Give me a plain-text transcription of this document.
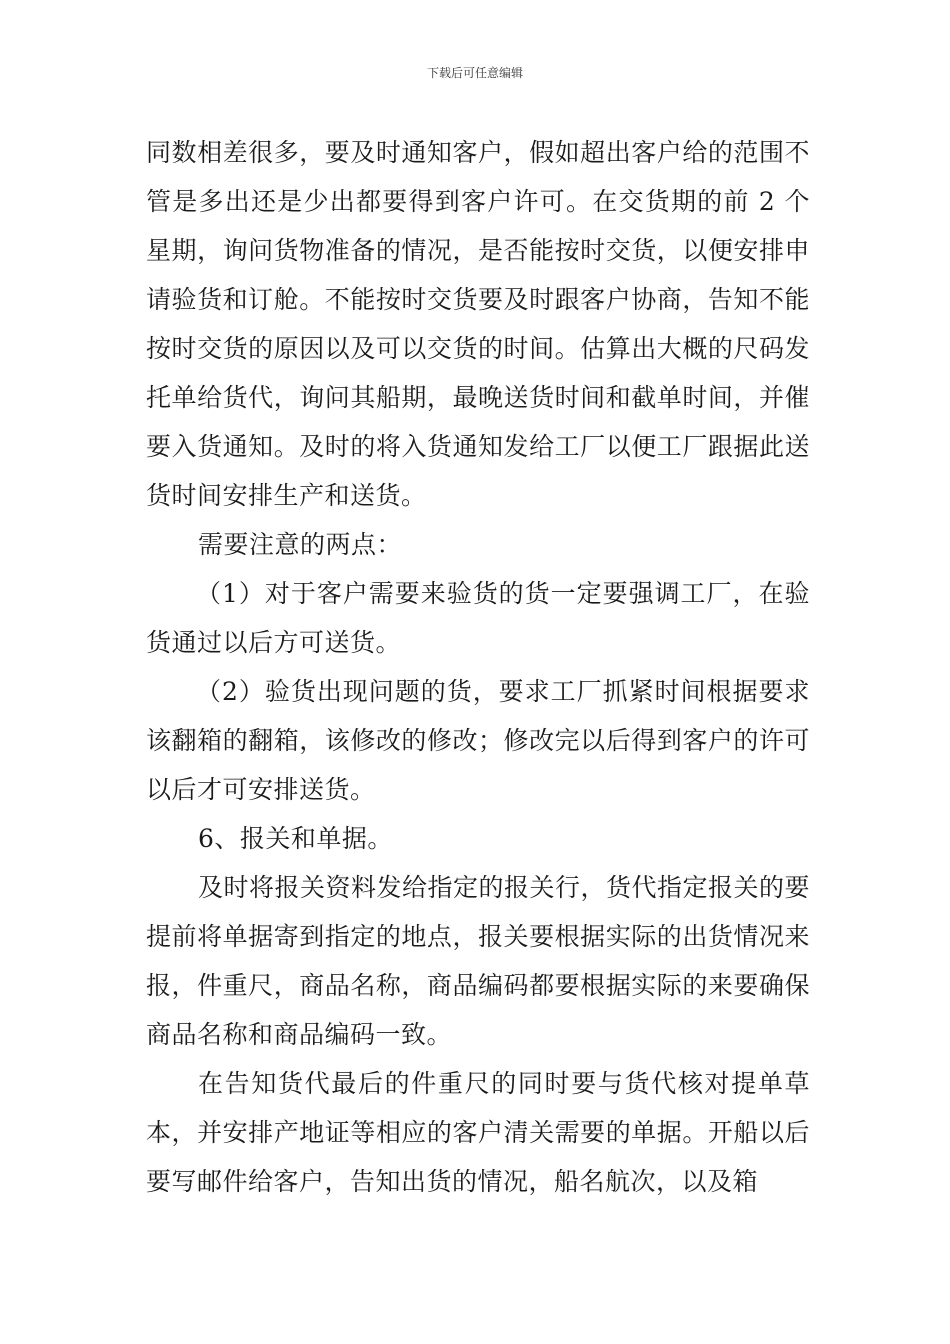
下载后可任意编辑

同数相差很多，要及时通知客户，假如超出客户给的范围不管是多出还是少出都要得到客户许可。在交货期的前 2 个星期，询问货物准备的情况，是否能按时交货，以便安排申请验货和订舱。不能按时交货要及时跟客户协商，告知不能按时交货的原因以及可以交货的时间。估算出大概的尺码发托单给货代，询问其船期，最晚送货时间和截单时间，并催要入货通知。及时的将入货通知发给工厂以便工厂跟据此送货时间安排生产和送货。

需要注意的两点：

（1）对于客户需要来验货的货一定要强调工厂，在验货通过以后方可送货。

（2）验货出现问题的货，要求工厂抓紧时间根据要求该翻箱的翻箱，该修改的修改；修改完以后得到客户的许可以后才可安排送货。

6、报关和单据。

及时将报关资料发给指定的报关行，货代指定报关的要提前将单据寄到指定的地点，报关要根据实际的出货情况来报，件重尺，商品名称，商品编码都要根据实际的来要确保商品名称和商品编码一致。

在告知货代最后的件重尺的同时要与货代核对提单草本，并安排产地证等相应的客户清关需要的单据。开船以后要写邮件给客户，告知出货的情况，船名航次，以及箱
